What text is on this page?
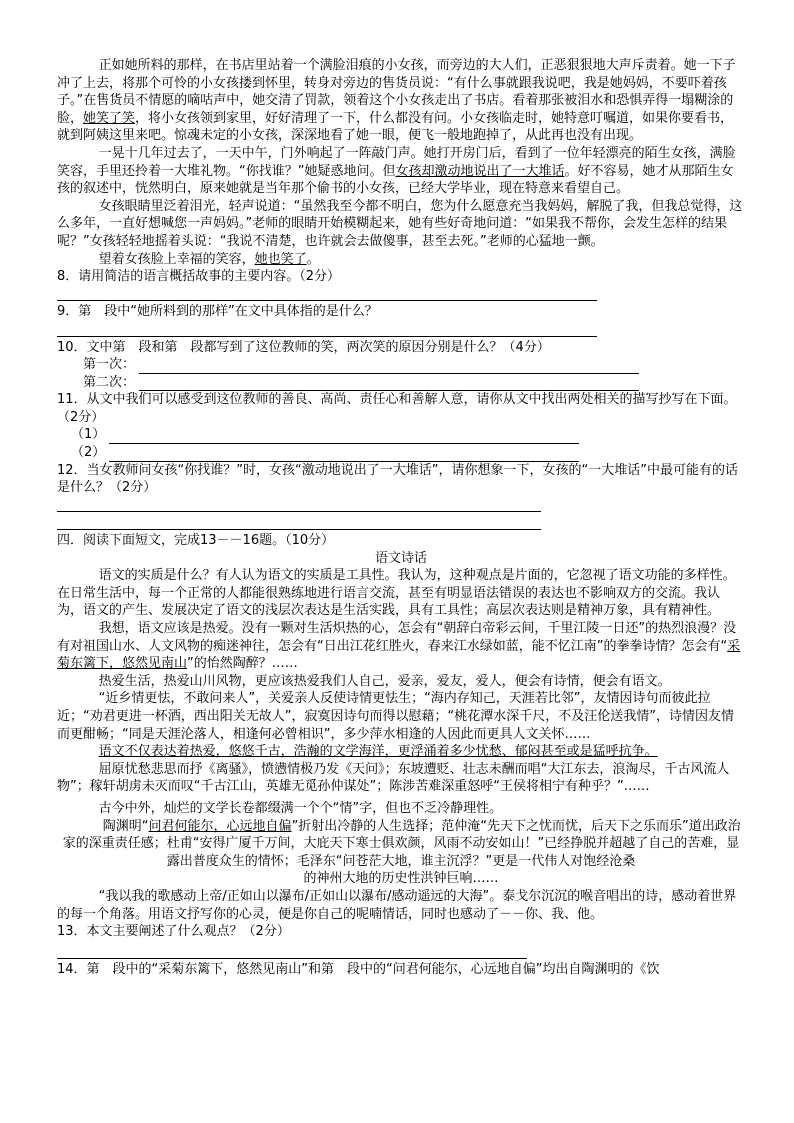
正如她所料的那样，在书店里站着一个满脸泪痕的小女孩，而旁边的大人们，正恶狠狠地大声斥责着。她一下子冲了上去，将那个可怜的小女孩搂到怀里，转身对旁边的售货员说：“有什么事就跟我说吧，我是她妈妈，不要吓着孩子。”在售货员不情愿的嘀咕声中，她交清了罚款，领着这个小女孩走出了书店。看着那张被泪水和恐惧弄得一塌糊涂的脸，她笑了笑，将小女孩领到家里，好好清理了一下，什么都没有问。小女孩临走时，她特意叮嘱道，如果你要看书，就到阿姨这里来吧。惊魂未定的小女孩，深深地看了她一眼，便飞一般地跑掉了，从此再也没有出现。

一晃十几年过去了，一天中午，门外响起了一阵敲门声。她打开房门后，看到了一位年轻漂亮的陌生女孩，满脸笑容，手里还拎着一大堆礼物。“你找谁？”她疑惑地问。但女孩却激动地说出了一大堆话。好不容易，她才从那陌生女孩的叙述中，恍然明白，原来她就是当年那个偷书的小女孩，已经大学毕业，现在特意来看望自己。

女孩眼睛里泛着泪光，轻声说道：“虽然我至今都不明白，您为什么愿意充当我妈妈，解脱了我，但我总觉得，这么多年，一直好想喊您一声妈妈。”老师的眼睛开始模糊起来，她有些好奇地问道：“如果我不帮你，会发生怎样的结果呢？”女孩轻轻地摇着头说：“我说不清楚，也许就会去做傻事，甚至去死。”老师的心猛地一颤。

望着女孩脸上幸福的笑容，她也笑了。

8．请用简洁的语言概括故事的主要内容。（2分）

9．第　段中“她所料到的那样”在文中具体指的是什么？

10．文中第　段和第　段都写到了这位教师的笑，两次笑的原因分别是什么？（4分）

第一次：
第二次：

11．从文中我们可以感受到这位教师的善良、高尚、责任心和善解人意，请你从文中找出两处相关的描写抄写在下面。（2分）

（1）
（2）

12．当女教师问女孩“你找谁？”时，女孩“激动地说出了一大堆话”，请你想象一下，女孩的“一大堆话”中最可能有的话是什么？（2分）

四．阅读下面短文，完成13－－16题。（10分）

语文诗话

语文的实质是什么？有人认为语文的实质是工具性。我认为，这种观点是片面的，它忽视了语文功能的多样性。在日常生活中，每一个正常的人都能很熟练地进行语言交流，甚至有明显语法错误的表达也不影响双方的交流。我认为，语文的产生、发展决定了语文的浅层次表达是生活实践，具有工具性；高层次表达则是精神万象，具有精神性。

我想，语文应该是热爱。没有一颗对生活炽热的心，怎会有“朝辞白帝彩云间，千里江陵一日还”的热烈浪漫？没有对祖国山水、人文风物的痴迷神往，怎会有“日出江花红胜火，春来江水绿如蓝，能不忆江南”的拳拳诗情？怎会有“采菊东篱下，悠然见南山”的怡然陶醉？……

热爱生活，热爱山川风物，更应该热爱我们人自己，爱亲，爱友，爱人，便会有诗情，便会有语文。

“近乡情更怯，不敢问来人”，关爱亲人反使诗情更怯生；“海内存知己，天涯若比邻”，友情因诗句而彼此拉近；“劝君更进一杯酒，西出阳关无故人”，寂寞因诗句而得以慰藉；“桃花潭水深千尺，不及汪伦送我情”，诗情因友情而更酣畅；“同是天涯沦落人，相逢何必曾相识”，多少萍水相逢的人因此而更具人文关怀……

语文不仅表达着热爱，悠悠千古，浩瀚的文学海洋，更浮涌着多少忧愁、郁闷甚至或是猛呼抗争。

屈原忧愁悲思而抒《离骚》，愤懑情极乃发《天问》；东坡遭贬、壮志未酬而唱“大江东去，浪淘尽，千古风流人物”；稼轩胡虏未灭而叹“千古江山，英雄无觅孙仲谋处”；陈涉苦难深重怒呼“王侯将相宁有种乎？”……

古今中外，灿烂的文学长卷都缀满一个个“情”字，但也不乏冷静理性。

陶渊明“问君何能尔，心远地自偏”折射出冷静的人生选择；范仲淹“先天下之忧而忧，后天下之乐而乐”道出政治家的深重责任感；杜甫“安得广厦千万间，大庇天下寒士俱欢颜，风雨不动安如山！”已经挣脱并超越了自己的苦难，显露出普度众生的情怀；毛泽东“问苍茫大地，谁主沉浮？”更是一代伟人对饱经沧桑
的神州大地的历史性洪钟巨响……

“我以我的歌感动上帝/正如山以瀑布/正如山以瀑布/感动遥远的大海”。泰戈尔沉沉的喉音唱出的诗，感动着世界的每一个角落。用语文抒写你的心灵，便是你自己的呢喃情话，同时也感动了－－你、我、他。

13．本文主要阐述了什么观点？（2分）

14．第　段中的“采菊东篱下，悠然见南山”和第　段中的“问君何能尔，心远地自偏”均出自陶渊明的《饮
